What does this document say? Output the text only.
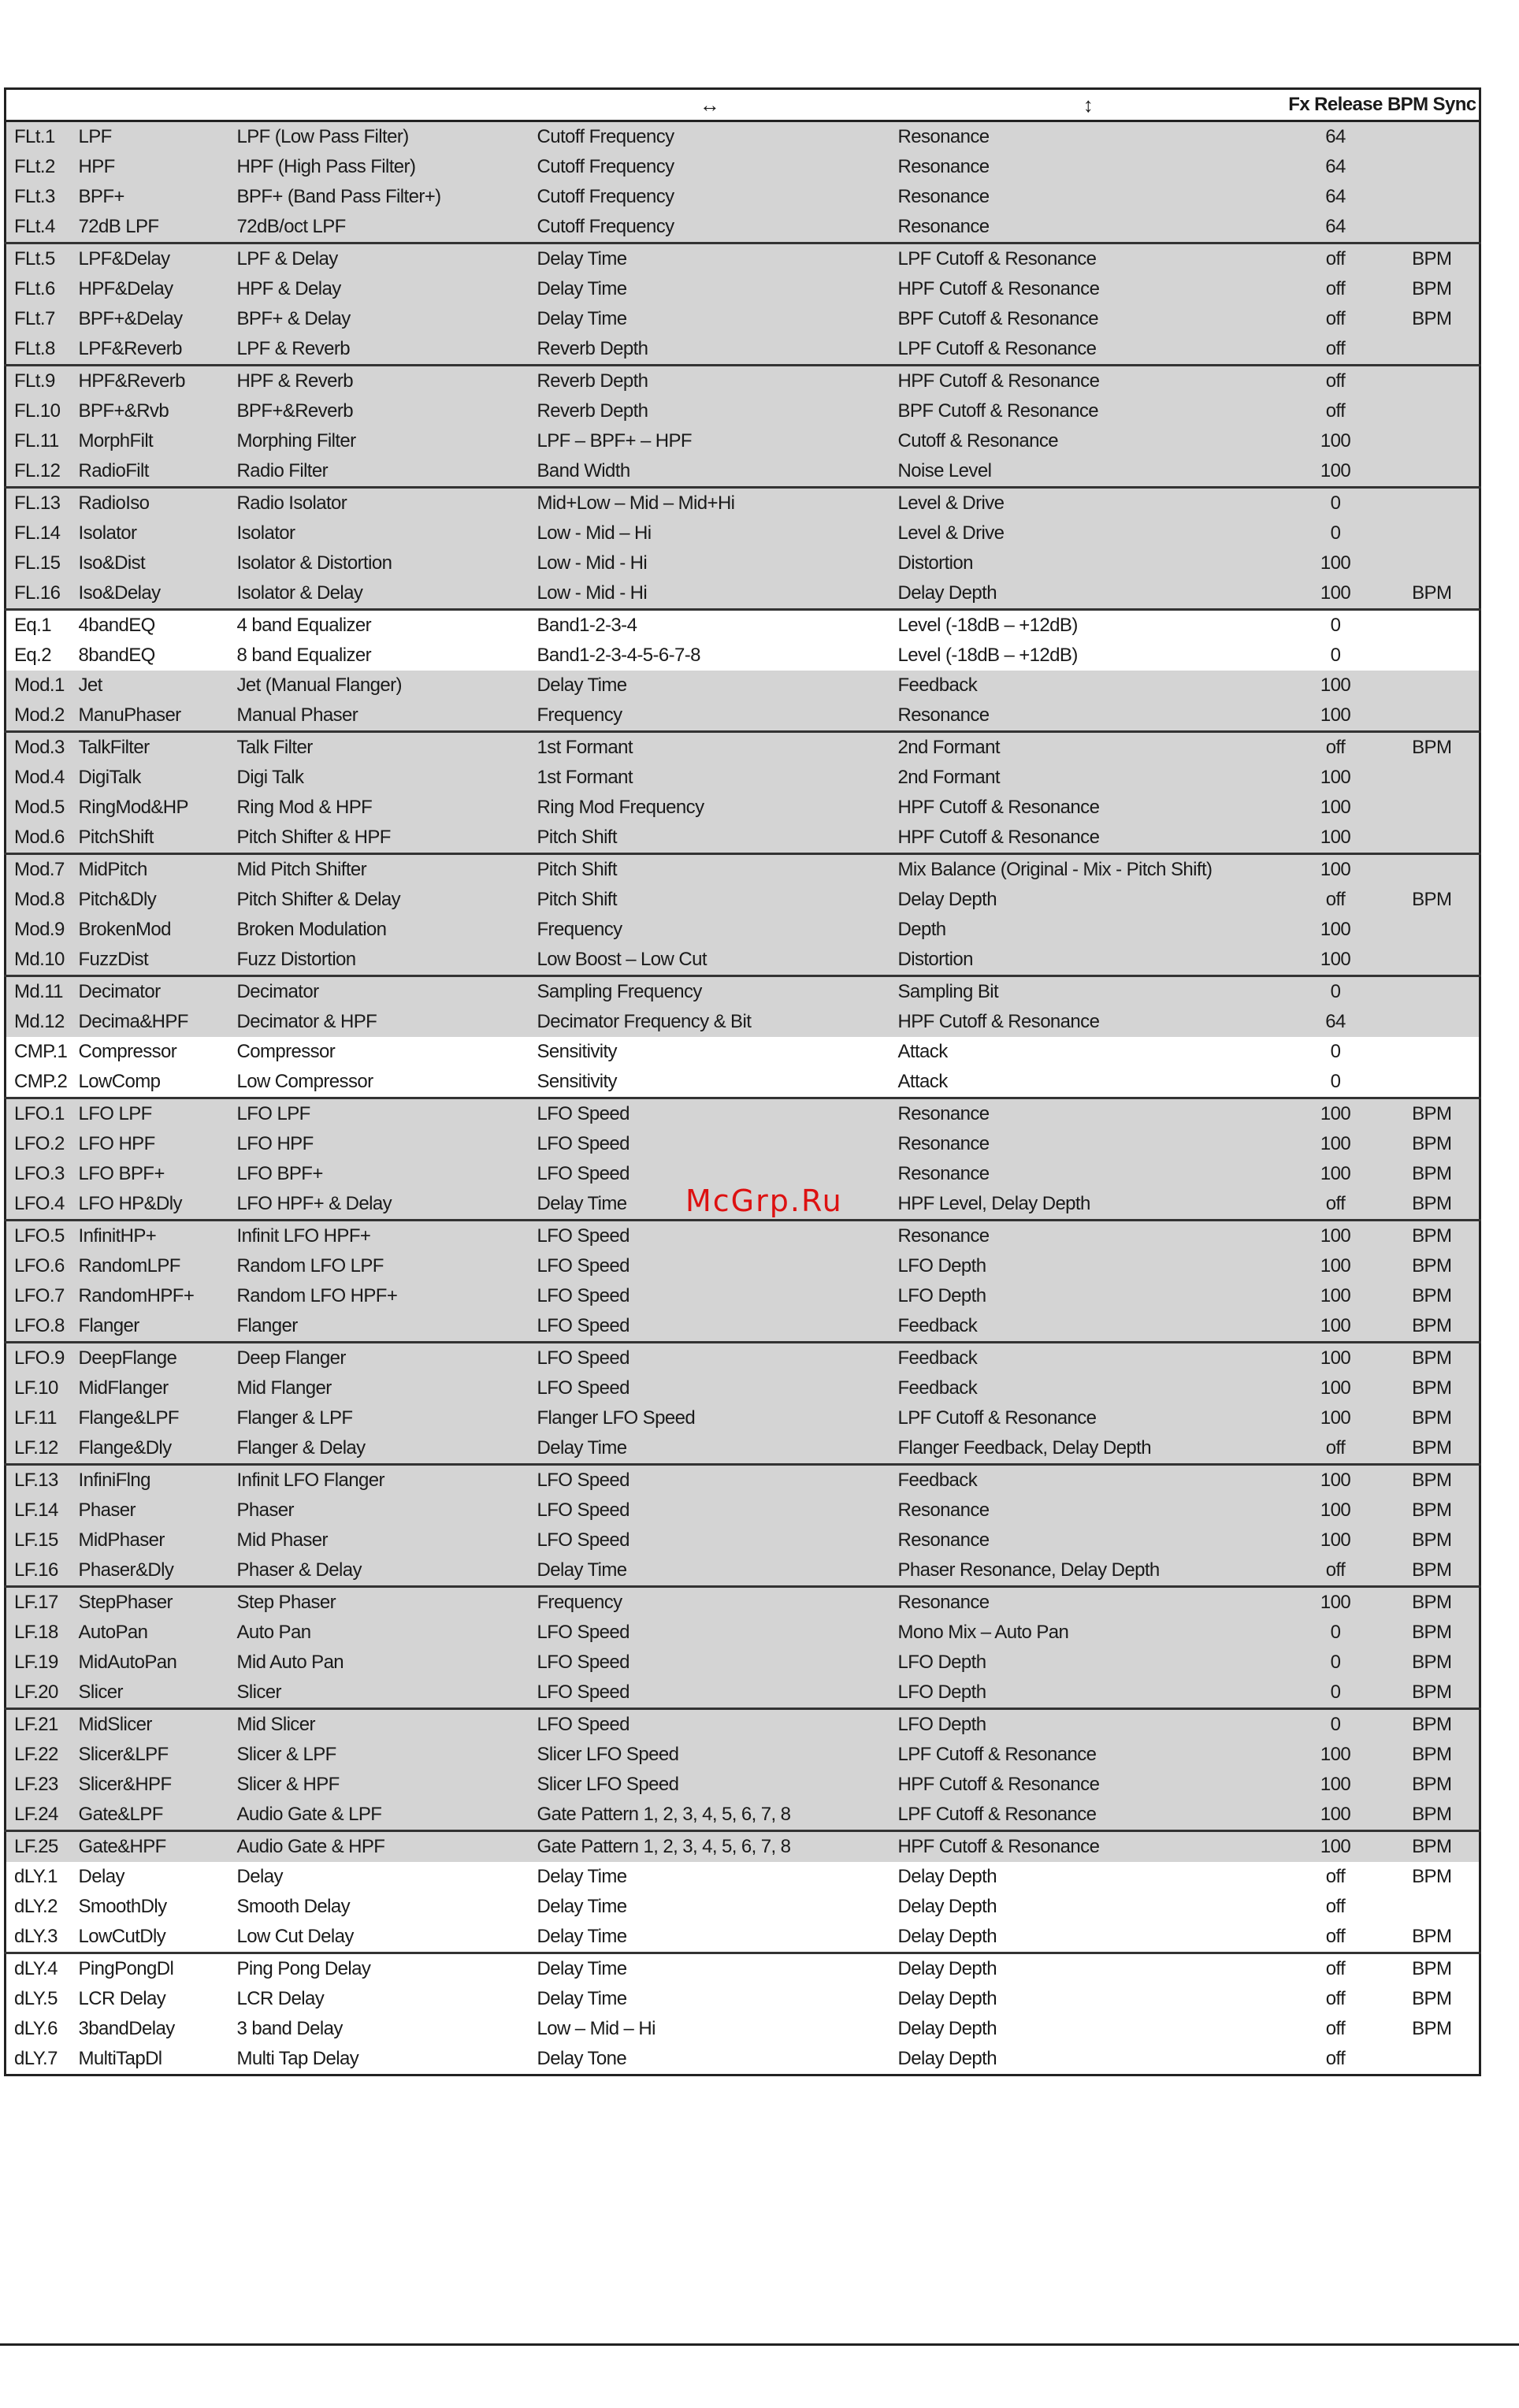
			↔	↕	Fx Release	BPM Sync
FLt.1	LPF	LPF (Low Pass Filter)	Cutoff Frequency	Resonance	64	
FLt.2	HPF	HPF (High Pass Filter)	Cutoff Frequency	Resonance	64	
FLt.3	BPF+	BPF+ (Band Pass Filter+)	Cutoff Frequency	Resonance	64	
FLt.4	72dB LPF	72dB/oct LPF	Cutoff Frequency	Resonance	64	
FLt.5	LPF&Delay	LPF & Delay	Delay Time	LPF Cutoff & Resonance	off	BPM
FLt.6	HPF&Delay	HPF & Delay	Delay Time	HPF Cutoff & Resonance	off	BPM
FLt.7	BPF+&Delay	BPF+ & Delay	Delay Time	BPF Cutoff & Resonance	off	BPM
FLt.8	LPF&Reverb	LPF & Reverb	Reverb Depth	LPF Cutoff & Resonance	off	
FLt.9	HPF&Reverb	HPF & Reverb	Reverb Depth	HPF Cutoff & Resonance	off	
FL.10	BPF+&Rvb	BPF+&Reverb	Reverb Depth	BPF Cutoff & Resonance	off	
FL.11	MorphFilt	Morphing Filter	LPF – BPF+ – HPF	Cutoff & Resonance	100	
FL.12	RadioFilt	Radio Filter	Band Width	Noise Level	100	
FL.13	RadioIso	Radio Isolator	Mid+Low – Mid – Mid+Hi	Level & Drive	0	
FL.14	Isolator	Isolator	Low - Mid – Hi	Level & Drive	0	
FL.15	Iso&Dist	Isolator & Distortion	Low - Mid - Hi	Distortion	100	
FL.16	Iso&Delay	Isolator & Delay	Low - Mid - Hi	Delay Depth	100	BPM
Eq.1	4bandEQ	4 band Equalizer	Band1-2-3-4	Level (-18dB – +12dB)	0	
Eq.2	8bandEQ	8 band Equalizer	Band1-2-3-4-5-6-7-8	Level (-18dB – +12dB)	0	
Mod.1	Jet	Jet (Manual Flanger)	Delay Time	Feedback	100	
Mod.2	ManuPhaser	Manual Phaser	Frequency	Resonance	100	
Mod.3	TalkFilter	Talk Filter	1st Formant	2nd Formant	off	BPM
Mod.4	DigiTalk	Digi Talk	1st Formant	2nd Formant	100	
Mod.5	RingMod&HP	Ring Mod & HPF	Ring Mod Frequency	HPF Cutoff & Resonance	100	
Mod.6	PitchShift	Pitch Shifter & HPF	Pitch Shift	HPF Cutoff & Resonance	100	
Mod.7	MidPitch	Mid Pitch Shifter	Pitch Shift	Mix Balance (Original - Mix - Pitch Shift)	100	
Mod.8	Pitch&Dly	Pitch Shifter & Delay	Pitch Shift	Delay Depth	off	BPM
Mod.9	BrokenMod	Broken Modulation	Frequency	Depth	100	
Md.10	FuzzDist	Fuzz Distortion	Low Boost – Low Cut	Distortion	100	
Md.11	Decimator	Decimator	Sampling Frequency	Sampling Bit	0	
Md.12	Decima&HPF	Decimator & HPF	Decimator Frequency & Bit	HPF Cutoff & Resonance	64	
CMP.1	Compressor	Compressor	Sensitivity	Attack	0	
CMP.2	LowComp	Low Compressor	Sensitivity	Attack	0	
LFO.1	LFO LPF	LFO LPF	LFO Speed	Resonance	100	BPM
LFO.2	LFO HPF	LFO HPF	LFO Speed	Resonance	100	BPM
LFO.3	LFO BPF+	LFO BPF+	LFO Speed	Resonance	100	BPM
LFO.4	LFO HP&Dly	LFO HPF+ & Delay	Delay Time	HPF Level, Delay Depth	off	BPM
LFO.5	InfinitHP+	Infinit LFO HPF+	LFO Speed	Resonance	100	BPM
LFO.6	RandomLPF	Random LFO LPF	LFO Speed	LFO Depth	100	BPM
LFO.7	RandomHPF+	Random LFO HPF+	LFO Speed	LFO Depth	100	BPM
LFO.8	Flanger	Flanger	LFO Speed	Feedback	100	BPM
LFO.9	DeepFlange	Deep Flanger	LFO Speed	Feedback	100	BPM
LF.10	MidFlanger	Mid Flanger	LFO Speed	Feedback	100	BPM
LF.11	Flange&LPF	Flanger & LPF	Flanger LFO Speed	LPF Cutoff & Resonance	100	BPM
LF.12	Flange&Dly	Flanger & Delay	Delay Time	Flanger Feedback, Delay Depth	off	BPM
LF.13	InfiniFlng	Infinit LFO Flanger	LFO Speed	Feedback	100	BPM
LF.14	Phaser	Phaser	LFO Speed	Resonance	100	BPM
LF.15	MidPhaser	Mid Phaser	LFO Speed	Resonance	100	BPM
LF.16	Phaser&Dly	Phaser & Delay	Delay Time	Phaser Resonance, Delay Depth	off	BPM
LF.17	StepPhaser	Step Phaser	Frequency	Resonance	100	BPM
LF.18	AutoPan	Auto Pan	LFO Speed	Mono Mix – Auto Pan	0	BPM
LF.19	MidAutoPan	Mid Auto Pan	LFO Speed	LFO Depth	0	BPM
LF.20	Slicer	Slicer	LFO Speed	LFO Depth	0	BPM
LF.21	MidSlicer	Mid Slicer	LFO Speed	LFO Depth	0	BPM
LF.22	Slicer&LPF	Slicer & LPF	Slicer LFO Speed	LPF Cutoff & Resonance	100	BPM
LF.23	Slicer&HPF	Slicer & HPF	Slicer LFO Speed	HPF Cutoff & Resonance	100	BPM
LF.24	Gate&LPF	Audio Gate & LPF	Gate Pattern 1, 2, 3, 4, 5, 6, 7, 8	LPF Cutoff & Resonance	100	BPM
LF.25	Gate&HPF	Audio Gate & HPF	Gate Pattern 1, 2, 3, 4, 5, 6, 7, 8	HPF Cutoff & Resonance	100	BPM
dLY.1	Delay	Delay	Delay Time	Delay Depth	off	BPM
dLY.2	SmoothDly	Smooth Delay	Delay Time	Delay Depth	off	
dLY.3	LowCutDly	Low Cut Delay	Delay Time	Delay Depth	off	BPM
dLY.4	PingPongDl	Ping Pong Delay	Delay Time	Delay Depth	off	BPM
dLY.5	LCR Delay	LCR Delay	Delay Time	Delay Depth	off	BPM
dLY.6	3bandDelay	3 band Delay	Low – Mid – Hi	Delay Depth	off	BPM
dLY.7	MultiTapDl	Multi Tap Delay	Delay Tone	Delay Depth	off	
McGrp.Ru
